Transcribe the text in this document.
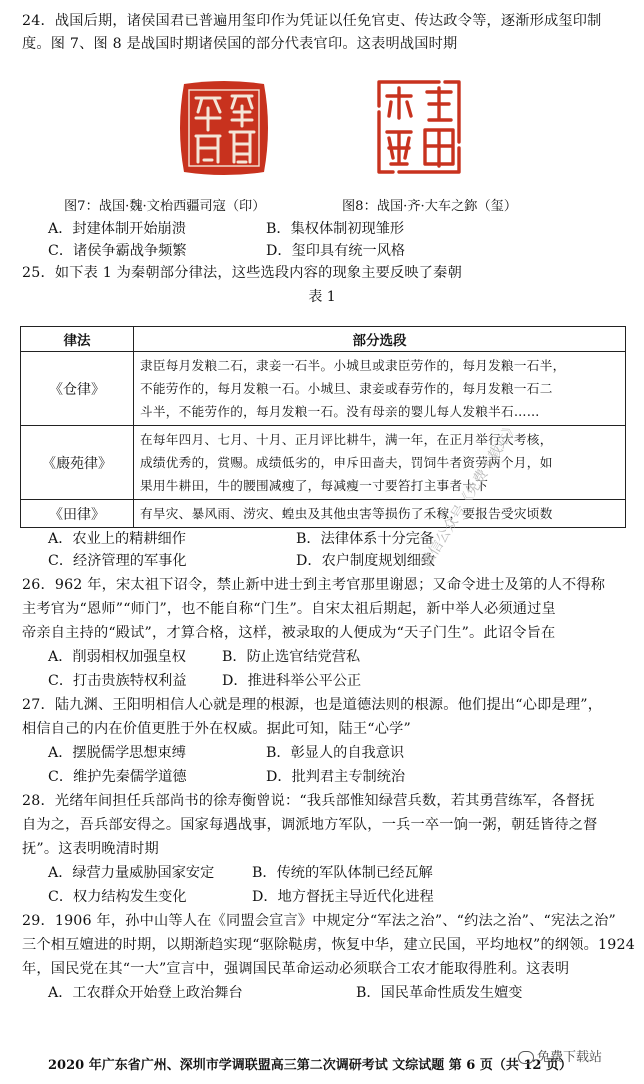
24．战国后期，诸侯国君已普遍用玺印作为凭证以任免官吏、传达政令等，逐渐形成玺印制
度。图 7、图 8 是战国时期诸侯国的部分代表官印。这表明战国时期
图7：战国·魏·文枱西疆司寇（印）	图8：战国·齐·大车之鉨（玺）
A．封建体制开始崩溃	B．集权体制初现雏形
C．诸侯争霸战争频繁	D．玺印具有统一风格
25．如下表 1 为秦朝部分律法，这些选段内容的现象主要反映了秦朝
表 1
律法	部分选段
《仓律》	隶臣每月发粮二石，隶妾一石半。小城旦或隶臣劳作的，每月发粮一石半，
不能劳作的，每月发粮一石。小城旦、隶妾或春劳作的，每月发粮一石二
斗半，不能劳作的，每月发粮一石。没有母亲的婴儿每人发粮半石……

《廄苑律》	在每年四月、七月、十月、正月评比耕牛，满一年，在正月举行大考核，
成绩优秀的，赏赐。成绩低劣的，申斥田啬夫，罚饲牛者资劳两个月，如
果用牛耕田，牛的腰围减瘦了，每减瘦一寸要笞打主事者十下

《田律》	有旱灾、暴风雨、涝灾、蝗虫及其他虫害等损伤了禾稼，要报告受灾顷数
A．农业上的精耕细作	B．法律体系十分完备
C．经济管理的军事化	D．农户制度规划细致
26．962 年，宋太祖下诏令，禁止新中进士到主考官那里谢恩；又命令进士及第的人不得称
主考官为“恩师”“师门”，也不能自称“门生”。自宋太祖后期起，新中举人必须通过皇
帝亲自主持的“殿试”，才算合格，这样，被录取的人便成为“天子门生”。此诏令旨在
A．削弱相权加强皇权	B．防止选官结党营私
C．打击贵族特权利益 D．推进科举公平公正
27．陆九渊、王阳明相信人心就是理的根源，也是道德法则的根源。他们提出“心即是理”，
相信自己的内在价值更胜于外在权威。据此可知，陆王“心学”
A．摆脱儒学思想束缚	B．彰显人的自我意识
C．维护先秦儒学道德	D．批判君主专制统治
28．光绪年间担任兵部尚书的徐寿衡曾说：“我兵部惟知绿营兵数，若其勇营练军，各督抚
自为之，吾兵部安得之。国家每遇战事，调派地方军队，一兵一卒一饷一粥，朝廷皆待之督
抚”。这表明晚清时期
A．绿营力量威胁国家安定	B．传统的军队体制已经瓦解
C．权力结构发生变化	D．地方督抚主导近代化进程
29．1906 年，孙中山等人在《同盟会宣言》中规定分“军法之治”、“约法之治”、“宪法之治”
三个相互嬗进的时期，以期渐趋实现“驱除鞑虏，恢复中华，建立民国，平均地权”的纲领。1924
年，国民党在其“一大”宣言中，强调国民革命运动必须联合工农才能取得胜利。这表明
A．工农群众开始登上政治舞台	B．国民革命性质发生嬗变
微信公众号《免费下载站》
2020 年广东省广州、深圳市学调联盟高三第二次调研考试 文综试题 第 6 页（共 12 页）
免费下载站
